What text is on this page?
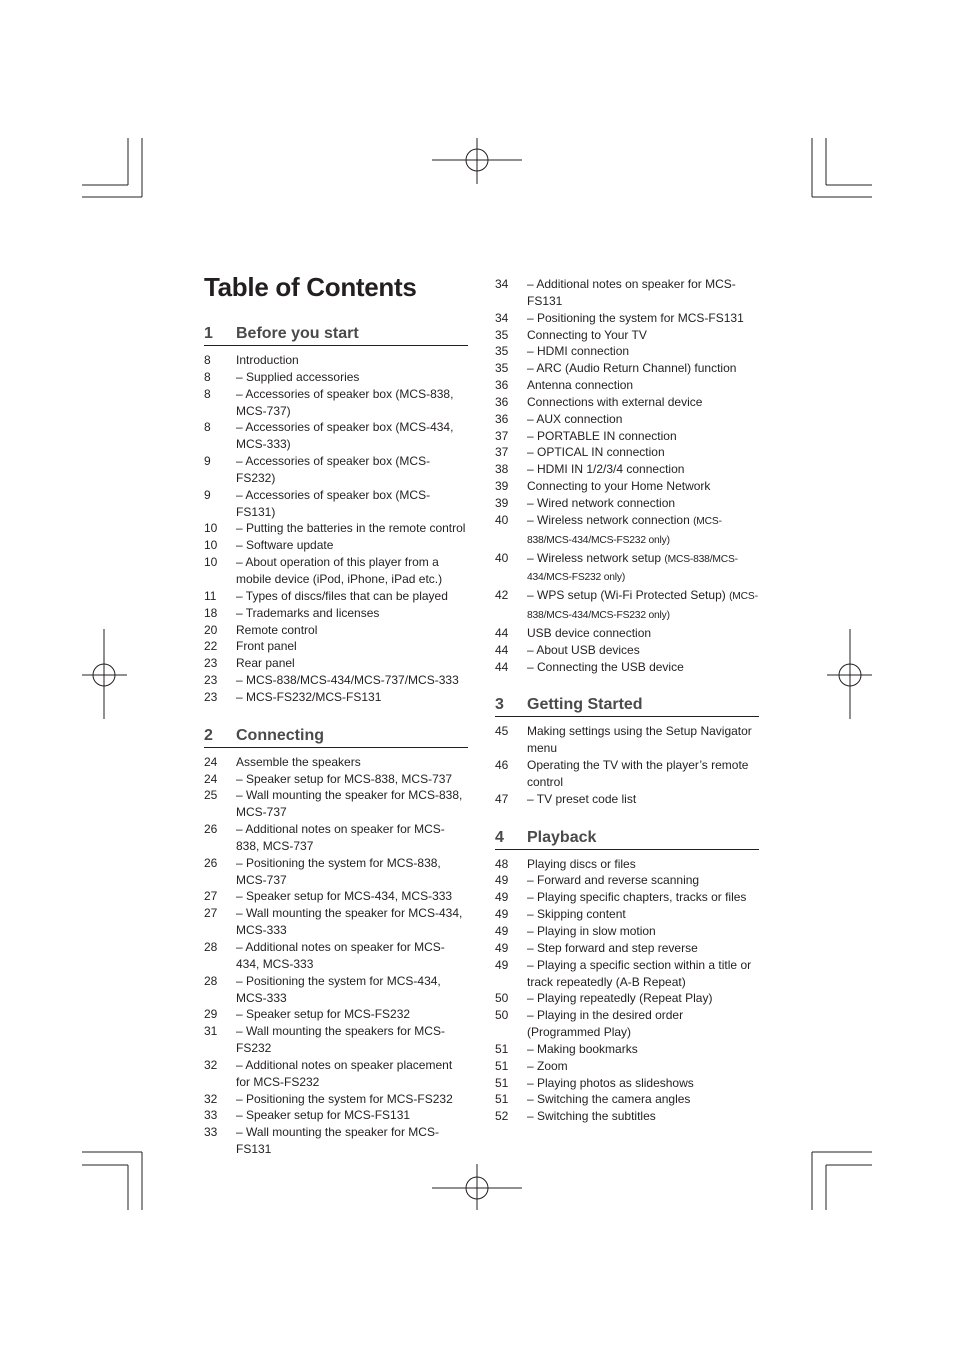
Table of Contents
1	Before you start
8	Introduction
8	– Supplied accessories
8	– Accessories of speaker box (MCS-838, MCS-737)
8	– Accessories of speaker box (MCS-434, MCS-333)
9	– Accessories of speaker box (MCS-FS232)
9	– Accessories of speaker box (MCS-FS131)
10	– Putting the batteries in the remote control
10	– Software update
10	– About operation of this player from a mobile device (iPod, iPhone, iPad etc.)
11	– Types of discs/files that can be played
18	– Trademarks and licenses
20	Remote control
22	Front panel
23	Rear panel
23	– MCS-838/MCS-434/MCS-737/MCS-333
23	– MCS-FS232/MCS-FS131
2	Connecting
24	Assemble the speakers
24	– Speaker setup for MCS-838, MCS-737
25	– Wall mounting the speaker for MCS-838, MCS-737
26	– Additional notes on speaker for MCS-838, MCS-737
26	– Positioning the system for MCS-838, MCS-737
27	– Speaker setup for MCS-434, MCS-333
27	– Wall mounting the speaker for MCS-434, MCS-333
28	– Additional notes on speaker for MCS-434, MCS-333
28	– Positioning the system for MCS-434, MCS-333
29	– Speaker setup for MCS-FS232
31	– Wall mounting the speakers for MCS-FS232
32	– Additional notes on speaker placement for MCS-FS232
32	– Positioning the system for MCS-FS232
33	– Speaker setup for MCS-FS131
33	– Wall mounting the speaker for MCS-FS131
34	– Additional notes on speaker for MCS-FS131
34	– Positioning the system for MCS-FS131
35	Connecting to Your TV
35	– HDMI connection
35	– ARC (Audio Return Channel) function
36	Antenna connection
36	Connections with external device
36	– AUX connection
37	– PORTABLE IN connection
37	– OPTICAL IN connection
38	– HDMI IN 1/2/3/4 connection
39	Connecting to your Home Network
39	– Wired network connection
40	– Wireless network connection (MCS-838/MCS-434/MCS-FS232 only)
40	– Wireless network setup (MCS-838/MCS-434/MCS-FS232 only)
42	– WPS setup (Wi-Fi Protected Setup) (MCS-838/MCS-434/MCS-FS232 only)
44	USB device connection
44	– About USB devices
44	– Connecting the USB device
3	Getting Started
45	Making settings using the Setup Navigator menu
46	Operating the TV with the player’s remote control
47	– TV preset code list
4	Playback
48	Playing discs or files
49	– Forward and reverse scanning
49	– Playing specific chapters, tracks or files
49	– Skipping content
49	– Playing in slow motion
49	– Step forward and step reverse
49	– Playing a specific section within a title or track repeatedly (A-B Repeat)
50	– Playing repeatedly (Repeat Play)
50	– Playing in the desired order (Programmed Play)
51	– Making bookmarks
51	– Zoom
51	– Playing photos as slideshows
51	– Switching the camera angles
52	– Switching the subtitles
